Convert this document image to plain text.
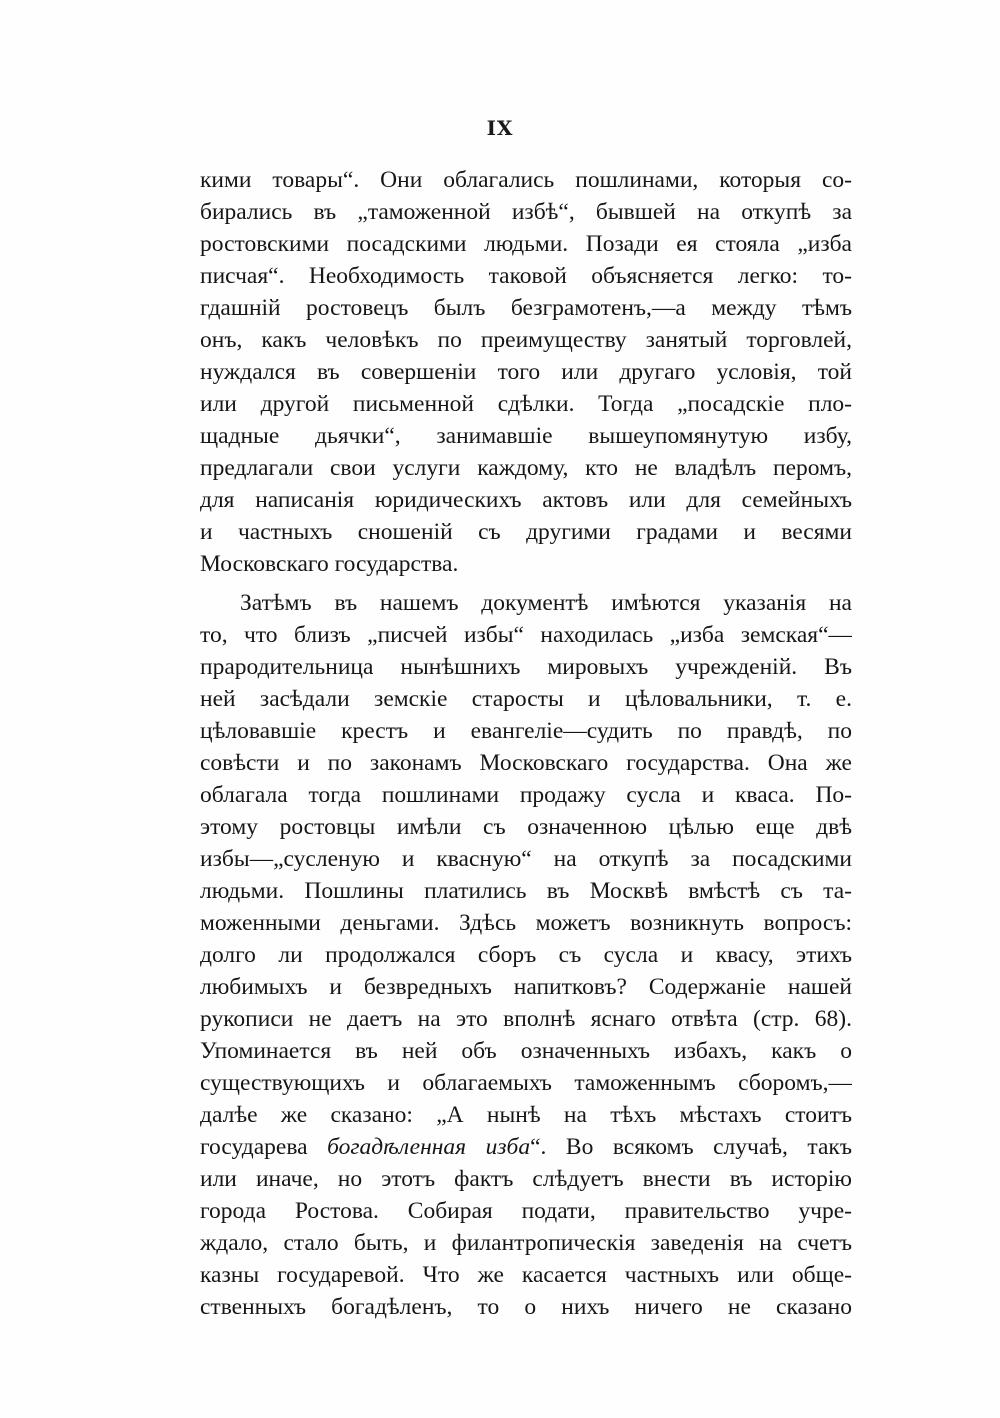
IX
кими товары“. Они облагались пошлинами, которыя со-
бирались въ „таможенной избѣ“, бывшей на откупѣ за
ростовскими посадскими людьми. Позади ея стояла „изба
писчая“. Необходимость таковой объясняется легко: то-
гдашній ростовецъ былъ безграмотенъ,—а между тѣмъ
онъ, какъ человѣкъ по преимуществу занятый торговлей,
нуждался въ совершеніи того или другаго условія, той
или другой письменной сдѣлки. Тогда „посадскіе пло-
щадные дьячки“, занимавшіе вышеупомянутую избу,
предлагали свои услуги каждому, кто не владѣлъ перомъ,
для написанія юридическихъ актовъ или для семейныхъ
и частныхъ сношеній съ другими градами и весями
Московскаго государства.
Затѣмъ въ нашемъ документѣ имѣются указанія на
то, что близъ „писчей избы“ находилась „изба земская“—
прародительница нынѣшнихъ мировыхъ учрежденій. Въ
ней засѣдали земскіе старосты и цѣловальники, т. е.
цѣловавшіе крестъ и евангеліе—судить по правдѣ, по
совѣсти и по законамъ Московскаго государства. Она же
облагала тогда пошлинами продажу сусла и кваса. По-
этому ростовцы имѣли съ означенною цѣлью еще двѣ
избы—„сусленую и квасную“ на откупѣ за посадскими
людьми. Пошлины платились въ Москвѣ вмѣстѣ съ та-
моженными деньгами. Здѣсь можетъ возникнуть вопросъ:
долго ли продолжался сборъ съ сусла и квасу, этихъ
любимыхъ и безвредныхъ напитковъ? Содержаніе нашей
рукописи не даетъ на это вполнѣ яснаго отвѣта (стр. 68).
Упоминается въ ней объ означенныхъ избахъ, какъ о
существующихъ и облагаемыхъ таможеннымъ сборомъ,—
далѣе же сказано: „А нынѣ на тѣхъ мѣстахъ стоитъ
государева богадѣленная изба“. Во всякомъ случаѣ, такъ
или иначе, но этотъ фактъ слѣдуетъ внести въ исторію
города Ростова. Собирая подати, правительство учре-
ждало, стало быть, и филантропическія заведенія на счетъ
казны государевой. Что же касается частныхъ или обще-
ственныхъ богадѣленъ, то о нихъ ничего не сказано
